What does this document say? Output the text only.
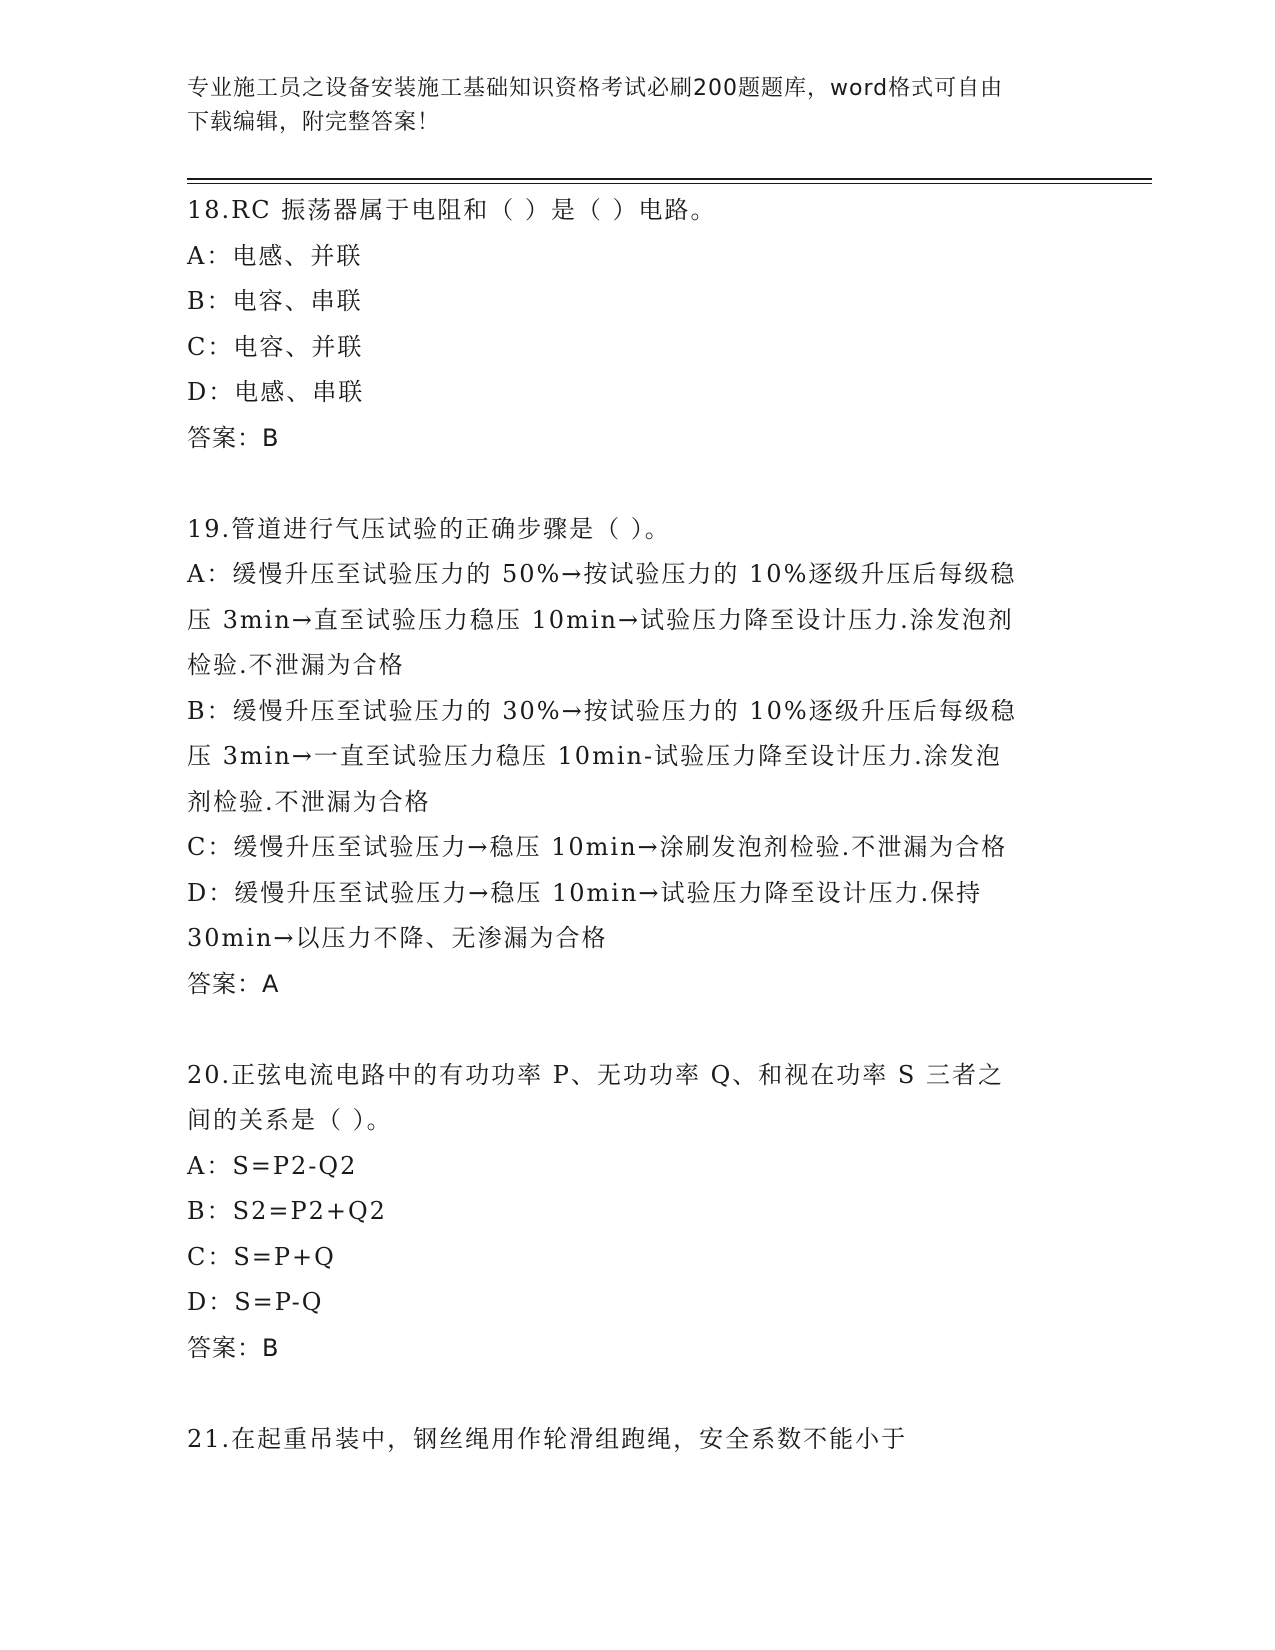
专业施工员之设备安装施工基础知识资格考试必刷200题题库，word格式可自由
下载编辑，附完整答案！
18.RC 振荡器属于电阻和（ ）是（ ）电路。
A：电感、并联
B：电容、串联
C：电容、并联
D：电感、串联
答案：B
19.管道进行气压试验的正确步骤是（ ）。
A：缓慢升压至试验压力的 50%→按试验压力的 10%逐级升压后每级稳
压 3min→直至试验压力稳压 10min→试验压力降至设计压力.涂发泡剂
检验.不泄漏为合格
B：缓慢升压至试验压力的 30%→按试验压力的 10%逐级升压后每级稳
压 3min→一直至试验压力稳压 10min-试验压力降至设计压力.涂发泡
剂检验.不泄漏为合格
C：缓慢升压至试验压力→稳压 10min→涂刷发泡剂检验.不泄漏为合格
D：缓慢升压至试验压力→稳压 10min→试验压力降至设计压力.保持
30min→以压力不降、无渗漏为合格
答案：A
20.正弦电流电路中的有功功率 P、无功功率 Q、和视在功率 S 三者之
间的关系是（ ）。
A：S=P2-Q2
B：S2=P2+Q2
C：S=P+Q
D：S=P-Q
答案：B
21.在起重吊装中，钢丝绳用作轮滑组跑绳，安全系数不能小于
